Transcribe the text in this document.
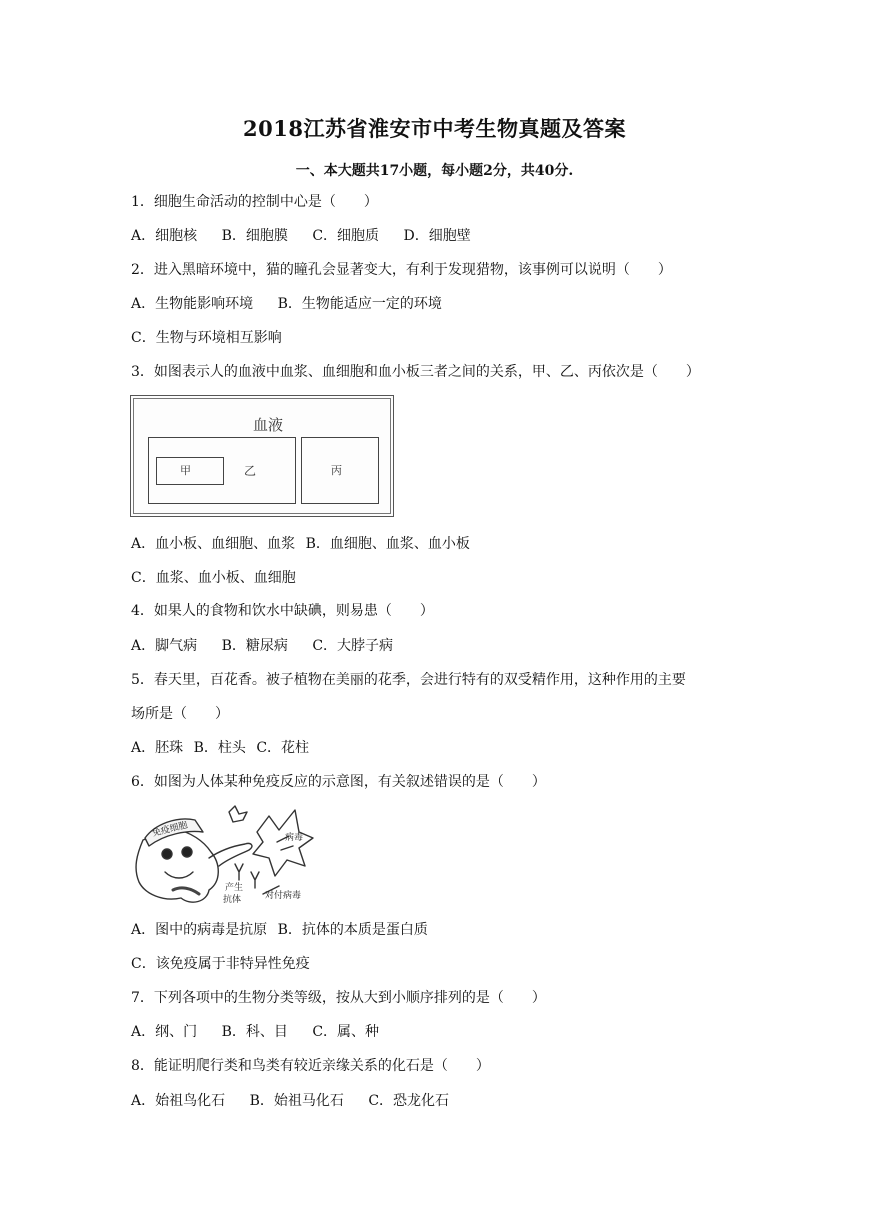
2018江苏省淮安市中考生物真题及答案
一、本大题共17小题，每小题2分，共40分.
1．细胞生命活动的控制中心是（　　）
A．细胞核 B．细胞膜 C．细胞质 D．细胞壁
2．进入黑暗环境中，猫的瞳孔会显著变大，有利于发现猎物，该事例可以说明（　　）
A．生物能影响环境 B．生物能适应一定的环境
C．生物与环境相互影响
3．如图表示人的血液中血浆、血细胞和血小板三者之间的关系，甲、乙、丙依次是（　　）
血液
甲	乙	丙
A．血小板、血细胞、血浆 B．血细胞、血浆、血小板
C．血浆、血小板、血细胞
4．如果人的食物和饮水中缺碘，则易患（　　）
A．脚气病 B．糖尿病 C．大脖子病
5．春天里，百花香。被子植物在美丽的花季，会进行特有的双受精作用，这种作用的主要
场所是（　　）
A．胚珠 B．柱头 C．花柱
6．如图为人体某种免疫反应的示意图，有关叙述错误的是（　　）
免疫细胞	病毒
产生
抗体	对付病毒
A．图中的病毒是抗原 B．抗体的本质是蛋白质
C．该免疫属于非特异性免疫
7．下列各项中的生物分类等级，按从大到小顺序排列的是（　　）
A．纲、门 B．科、目 C．属、种
8．能证明爬行类和鸟类有较近亲缘关系的化石是（　　）
A．始祖鸟化石 B．始祖马化石 C．恐龙化石
